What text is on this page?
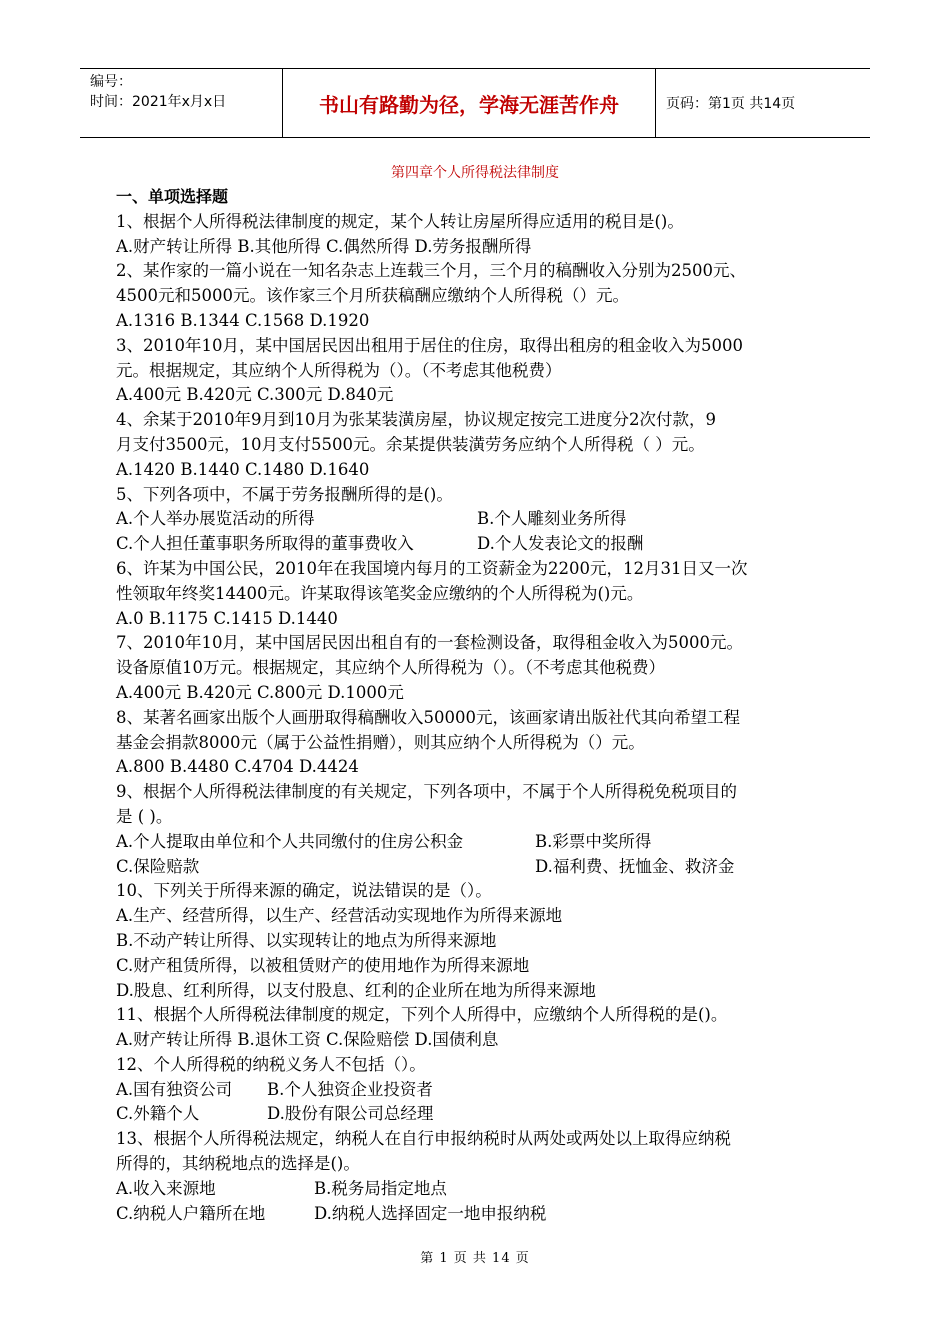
编号：
时间：2021年x月x日	书山有路勤为径，学海无涯苦作舟	页码：第1页 共14页
第四章个人所得税法律制度
一、单项选择题
1、根据个人所得税法律制度的规定，某个人转让房屋所得应适用的税目是()。
A.财产转让所得 B.其他所得 C.偶然所得 D.劳务报酬所得
2、某作家的一篇小说在一知名杂志上连载三个月，三个月的稿酬收入分别为2500元、
4500元和5000元。该作家三个月所获稿酬应缴纳个人所得税（）元。
A.1316 B.1344 C.1568 D.1920
3、2010年10月，某中国居民因出租用于居住的住房，取得出租房的租金收入为5000
元。根据规定，其应纳个人所得税为（）。（不考虑其他税费）
A.400元 B.420元 C.300元 D.840元
4、余某于2010年9月到10月为张某装潢房屋，协议规定按完工进度分2次付款，9
月支付3500元，10月支付5500元。余某提供装潢劳务应纳个人所得税（ ）元。
A.1420 B.1440 C.1480 D.1640
5、下列各项中，不属于劳务报酬所得的是()。
A.个人举办展览活动的所得	B.个人雕刻业务所得
C.个人担任董事职务所取得的董事费收入	D.个人发表论文的报酬
6、许某为中国公民，2010年在我国境内每月的工资薪金为2200元，12月31日又一次
性领取年终奖14400元。许某取得该笔奖金应缴纳的个人所得税为()元。
A.0 B.1175 C.1415 D.1440
7、2010年10月，某中国居民因出租自有的一套检测设备，取得租金收入为5000元。
设备原值10万元。根据规定，其应纳个人所得税为（）。（不考虑其他税费）
A.400元 B.420元 C.800元 D.1000元
8、某著名画家出版个人画册取得稿酬收入50000元，该画家请出版社代其向希望工程
基金会捐款8000元（属于公益性捐赠），则其应纳个人所得税为（）元。
A.800 B.4480 C.4704 D.4424
9、根据个人所得税法律制度的有关规定，下列各项中，不属于个人所得税免税项目的
是 ( )。
A.个人提取由单位和个人共同缴付的住房公积金	B.彩票中奖所得
C.保险赔款	D.福利费、抚恤金、救济金
10、下列关于所得来源的确定，说法错误的是（）。
A.生产、经营所得，以生产、经营活动实现地作为所得来源地
B.不动产转让所得、以实现转让的地点为所得来源地
C.财产租赁所得，以被租赁财产的使用地作为所得来源地
D.股息、红利所得，以支付股息、红利的企业所在地为所得来源地
11、根据个人所得税法律制度的规定，下列个人所得中，应缴纳个人所得税的是()。
A.财产转让所得 B.退休工资 C.保险赔偿 D.国债利息
12、个人所得税的纳税义务人不包括（）。
A.国有独资公司	B.个人独资企业投资者
C.外籍个人	D.股份有限公司总经理
13、根据个人所得税法规定，纳税人在自行申报纳税时从两处或两处以上取得应纳税
所得的，其纳税地点的选择是()。
A.收入来源地	B.税务局指定地点
C.纳税人户籍所在地	D.纳税人选择固定一地申报纳税
第 1 页 共 14 页
